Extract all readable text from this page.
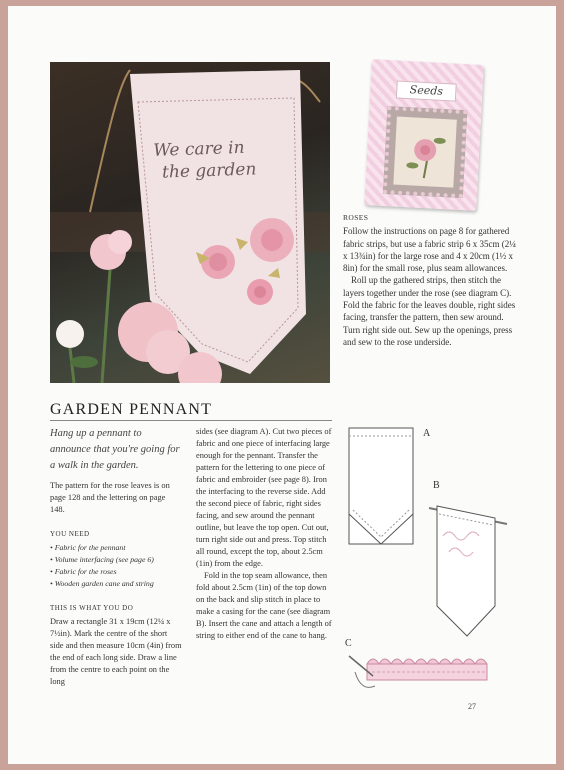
We care in
the garden
Seeds
ROSES

Follow the instructions on page 8 for gathered fabric strips, but use a fabric strip 6 x 35cm (2¼ x 13¾in) for the large rose and 4 x 20cm (1½ x 8in) for the small rose, plus seam allowances.

Roll up the gathered strips, then stitch the layers together under the rose (see diagram C). Fold the fabric for the leaves double, right sides facing, transfer the pattern, then sew around. Turn right side out. Sew up the openings, press and sew to the rose underside.

GARDEN PENNANT

Hang up a pennant to announce that you're going for a walk in the garden.

The pattern for the rose leaves is on page 128 and the lettering on page 148.

YOU NEED
• Fabric for the pennant
• Volume interfacing (see page 6)
• Fabric for the roses
• Wooden garden cane and string
THIS IS WHAT YOU DO

Draw a rectangle 31 x 19cm (12¼ x 7½in). Mark the centre of the short side and then measure 10cm (4in) from the end of each long side. Draw a line from the centre to each point on the long

sides (see diagram A). Cut two pieces of fabric and one piece of interfacing large enough for the pennant. Transfer the pattern for the lettering to one piece of fabric and embroider (see page 8). Iron the interfacing to the reverse side. Add the second piece of fabric, right sides facing, and sew around the pennant outline, but leave the top open. Cut out, turn right side out and press. Top stitch all round, except the top, about 2.5cm (1in) from the edge.

Fold in the top seam allowance, then fold about 2.5cm (1in) of the top down on the back and slip stitch in place to make a casing for the cane (see diagram B). Insert the cane and attach a length of string to either end of the cane to hang.

A
B
C
27
